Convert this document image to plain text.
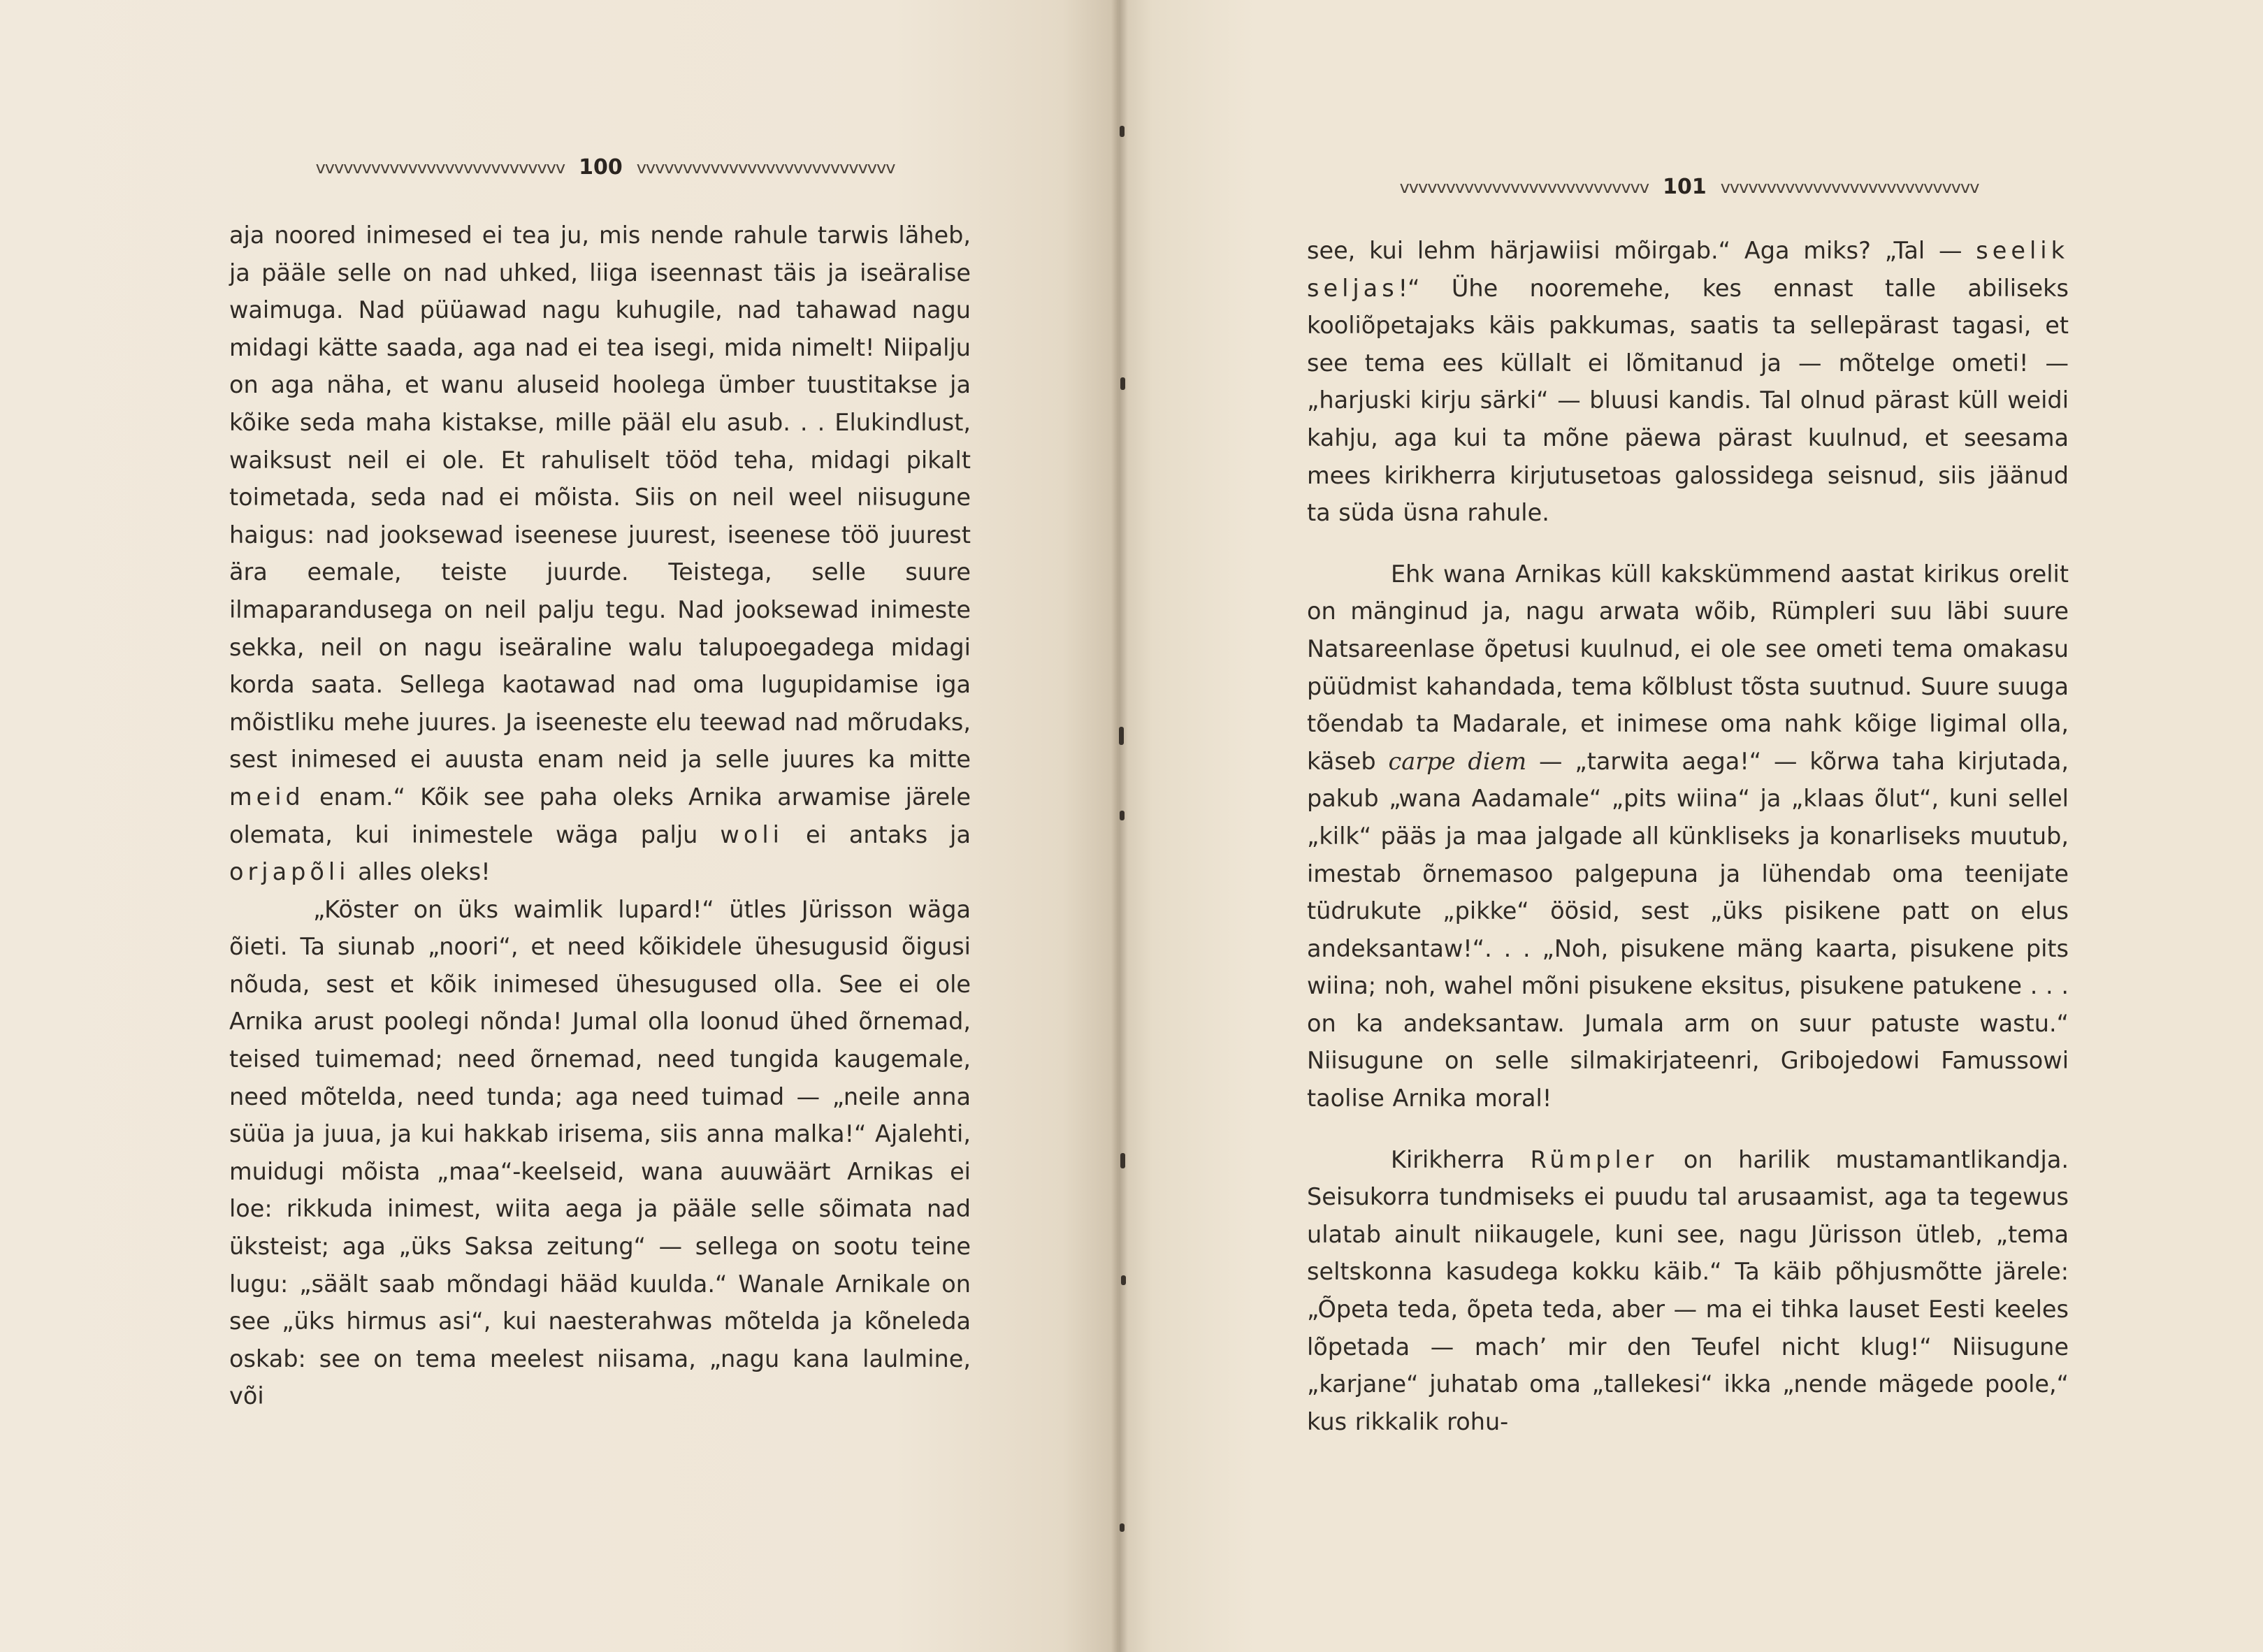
vvvvvvvvvvvvvvvvvvvvvvvvvvv 100 vvvvvvvvvvvvvvvvvvvvvvvvvvvv

aja noored inimesed ei tea ju, mis nende rahule tarwis läheb, ja pääle selle on nad uhked, liiga iseennast täis ja iseäralise waimuga. Nad püüawad nagu kuhugile, nad tahawad nagu midagi kätte saada, aga nad ei tea isegi, mida nimelt! Niipalju on aga näha, et wanu aluseid hoolega ümber tuustitakse ja kõike seda maha kistakse, mille pääl elu asub. . . Elukindlust, waiksust neil ei ole. Et rahuliselt tööd teha, midagi pikalt toimetada, seda nad ei mõista. Siis on neil weel niisugune haigus: nad jooksewad iseenese juurest, iseenese töö juurest ära eemale, teiste juurde. Teistega, selle suure ilmaparandusega on neil palju tegu. Nad jooksewad inimeste sekka, neil on nagu iseäraline walu talupoegadega midagi korda saata. Sellega kaotawad nad oma lugupidamise iga mõistliku mehe juures. Ja iseeneste elu teewad nad mõrudaks, sest inimesed ei auusta enam neid ja selle juures ka mitte meid enam.“ Kõik see paha oleks Arnika arwamise järele olemata, kui inimestele wäga palju woli ei antaks ja orjapõli alles oleks!

„Köster on üks waimlik lupard!“ ütles Jürisson wäga õieti. Ta siunab „noori“, et need kõikidele ühesugusid õigusi nõuda, sest et kõik inimesed ühesugused olla. See ei ole Arnika arust poolegi nõnda! Jumal olla loonud ühed õrnemad, teised tuimemad; need õrnemad, need tungida kaugemale, need mõtelda, need tunda; aga need tuimad — „neile anna süüa ja juua, ja kui hakkab irisema, siis anna malka!“ Ajalehti, muidugi mõista „maa“-keelseid, wana auuwäärt Arnikas ei loe: rikkuda inimest, wiita aega ja pääle selle sõimata nad üksteist; aga „üks Saksa zeitung“ — sellega on sootu teine lugu: „säält saab mõndagi hääd kuulda.“ Wanale Arnikale on see „üks hirmus asi“, kui naesterahwas mõtelda ja kõneleda oskab: see on tema meelest niisama, „nagu kana laulmine, või

vvvvvvvvvvvvvvvvvvvvvvvvvvv 101 vvvvvvvvvvvvvvvvvvvvvvvvvvvv

see, kui lehm härjawiisi mõirgab.“ Aga miks? „Tal — seelik seljas!“ Ühe nooremehe, kes ennast talle abiliseks kooliõpetajaks käis pakkumas, saatis ta sellepärast tagasi, et see tema ees küllalt ei lõmitanud ja — mõtelge ometi! — „harjuski kirju särki“ — bluusi kandis. Tal olnud pärast küll weidi kahju, aga kui ta mõne päewa pärast kuulnud, et seesama mees kirikherra kirjutusetoas galossidega seisnud, siis jäänud ta süda üsna rahule.

Ehk wana Arnikas küll kakskümmend aastat kirikus orelit on mänginud ja, nagu arwata wõib, Rümpleri suu läbi suure Natsareenlase õpetusi kuulnud, ei ole see ometi tema omakasu püüdmist kahandada, tema kõlblust tõsta suutnud. Suure suuga tõendab ta Madarale, et inimese oma nahk kõige ligimal olla, käseb carpe diem — „tarwita aega!“ — kõrwa taha kirjutada, pakub „wana Aadamale“ „pits wiina“ ja „klaas õlut“, kuni sellel „kilk“ pääs ja maa jalgade all künkliseks ja konarliseks muutub, imestab õrnemasoo palgepuna ja lühendab oma teenijate tüdrukute „pikke“ öösid, sest „üks pisikene patt on elus andeksantaw!“. . . „Noh, pisukene mäng kaarta, pisukene pits wiina; noh, wahel mõni pisukene eksitus, pisukene patukene . . . on ka andeksantaw. Jumala arm on suur patuste wastu.“ Niisugune on selle silmakirjateenri, Gribojedowi Famussowi taolise Arnika moral!

Kirikherra Rümpler on harilik mustamantlikandja. Seisukorra tundmiseks ei puudu tal arusaamist, aga ta tegewus ulatab ainult niikaugele, kuni see, nagu Jürisson ütleb, „tema seltskonna kasudega kokku käib.“ Ta käib põhjusmõtte järele: „Õpeta teda, õpeta teda, aber — ma ei tihka lauset Eesti keeles lõpetada — mach’ mir den Teufel nicht klug!“ Niisugune „karjane“ juhatab oma „tallekesi“ ikka „nende mägede poole,“ kus rikkalik rohu-
